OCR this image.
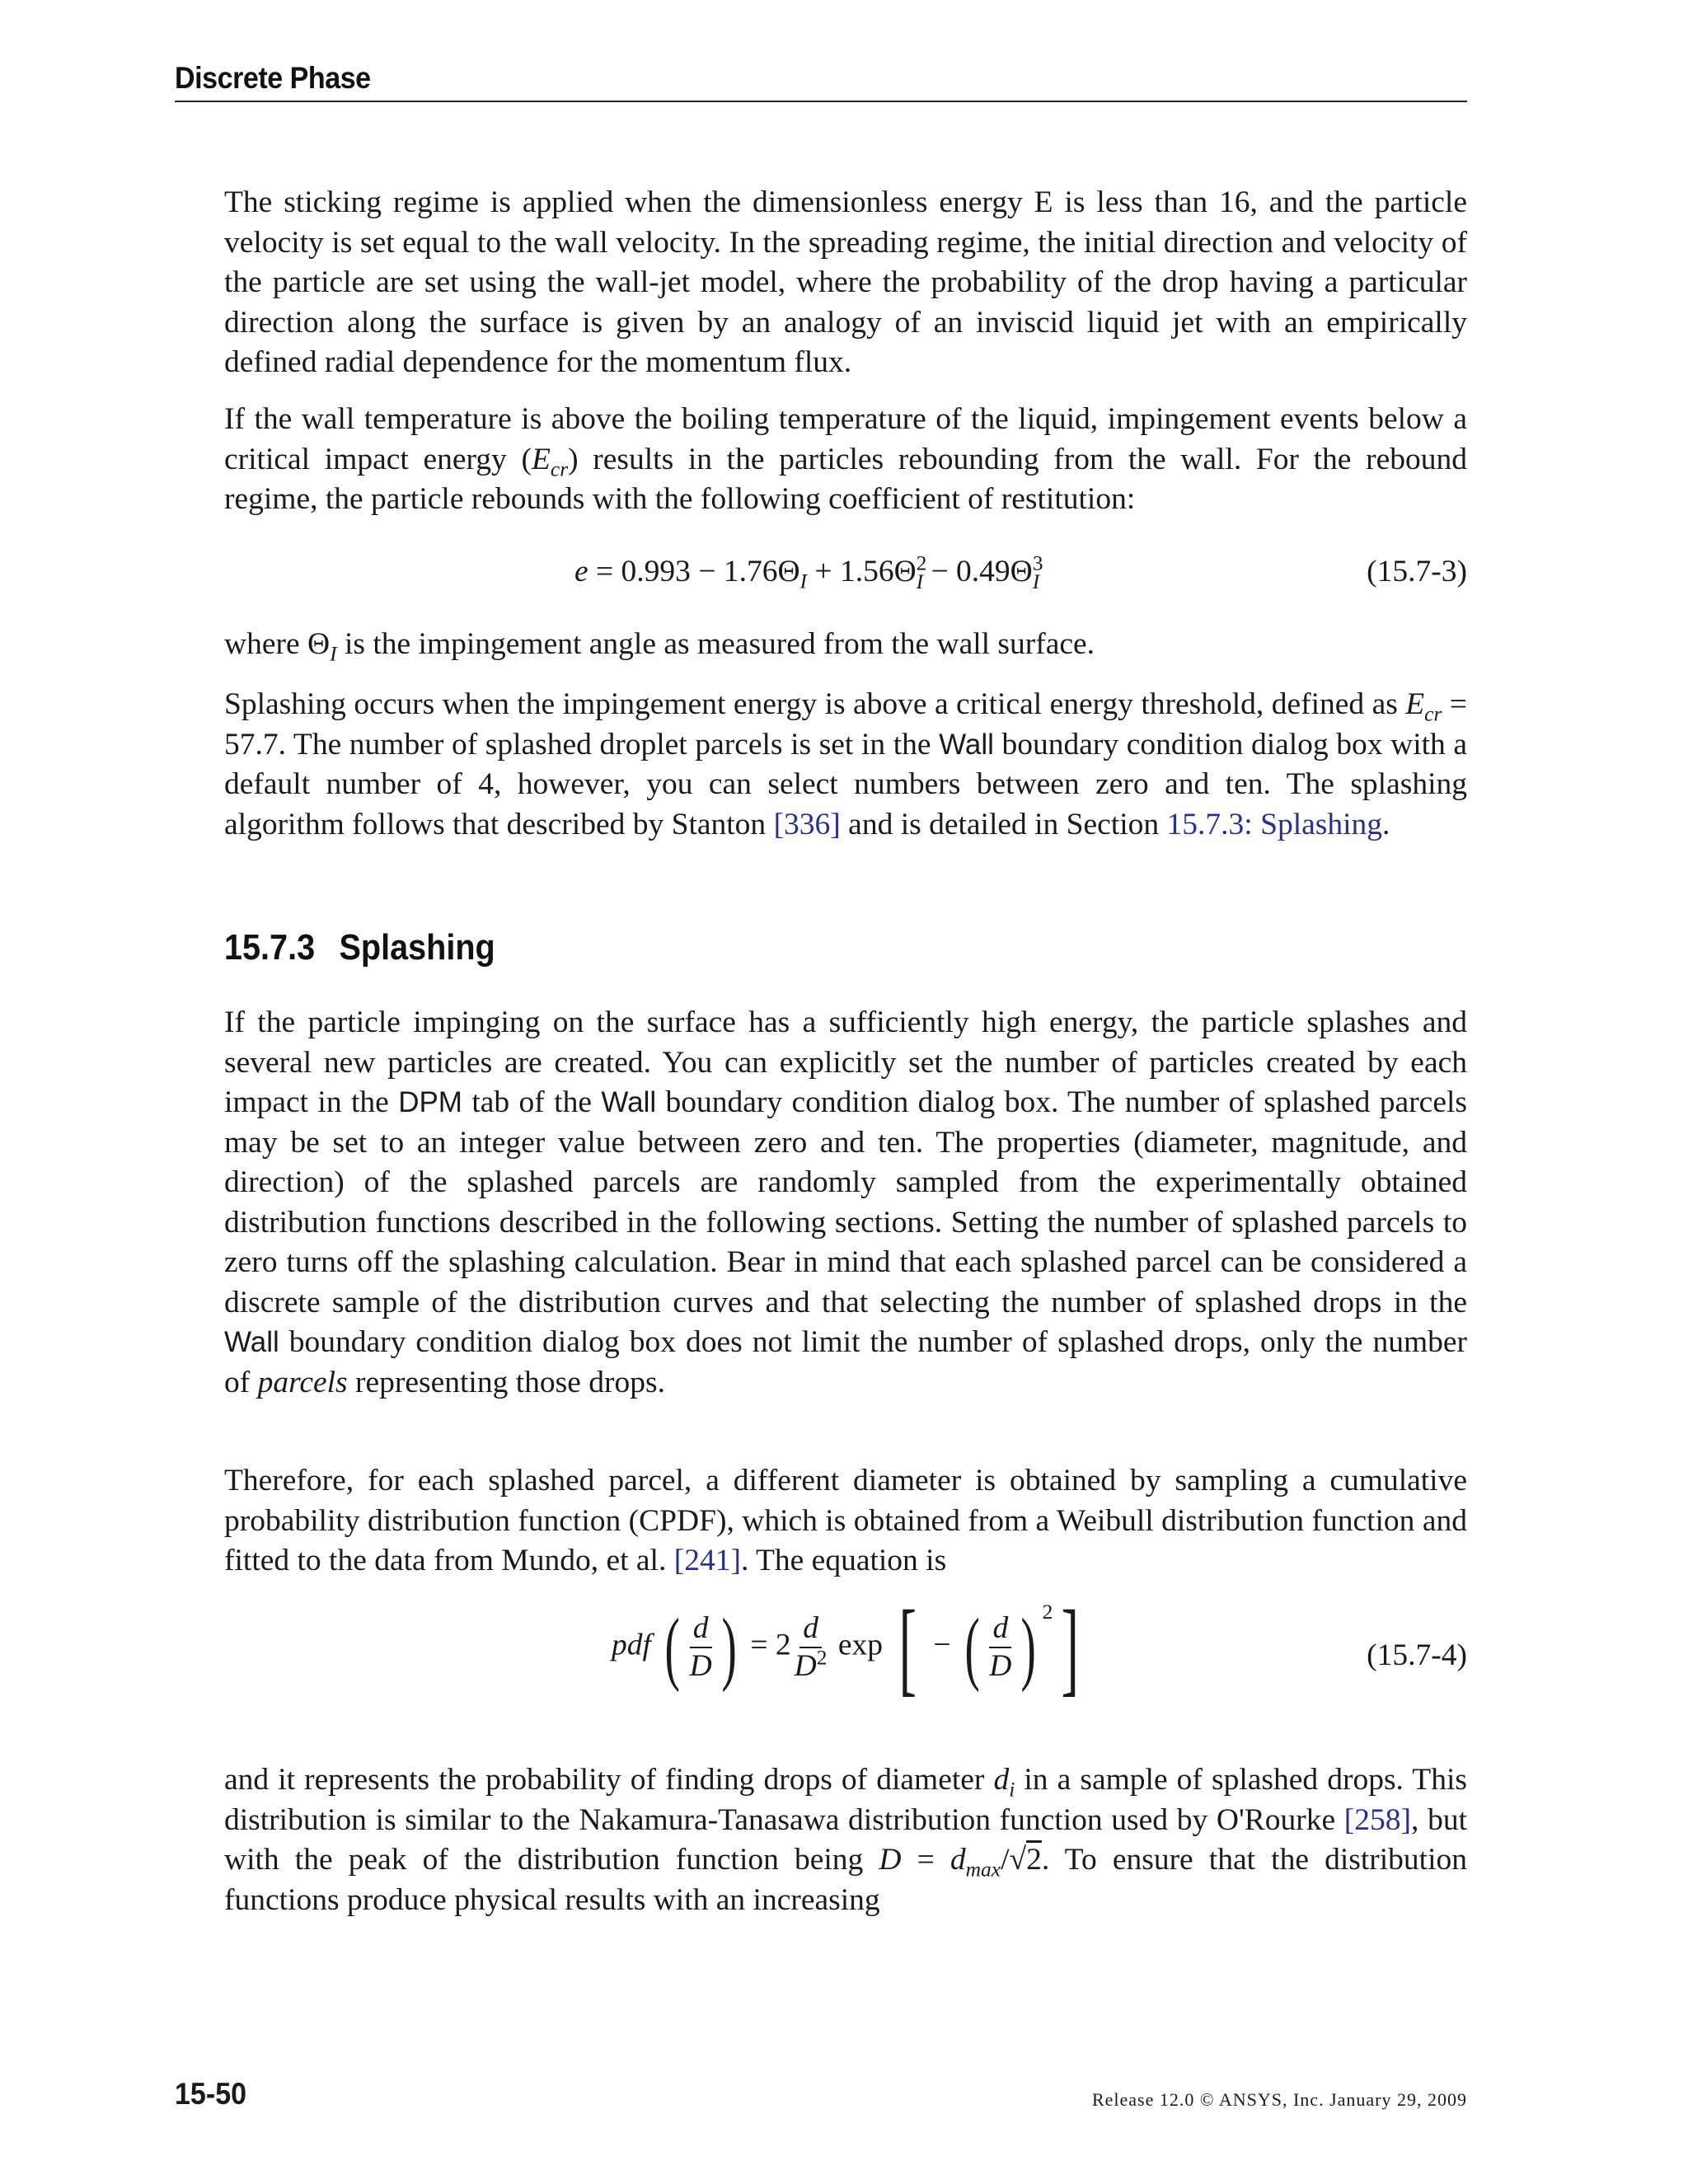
Discrete Phase

The sticking regime is applied when the dimensionless energy E is less than 16, and the particle velocity is set equal to the wall velocity. In the spreading regime, the initial direction and velocity of the particle are set using the wall-jet model, where the probability of the drop having a particular direction along the surface is given by an analogy of an inviscid liquid jet with an empirically defined radial dependence for the momentum flux.

If the wall temperature is above the boiling temperature of the liquid, impingement events below a critical impact energy $(E_{cr})$ results in the particles rebounding from the wall. For the rebound regime, the particle rebounds with the following coefficient of restitution:

$e = 0.993 - 1.76\Theta_I + 1.56\Theta^2_I - 0.49\Theta^3_I$	(15.7-3)

where $\Theta_I$ is the impingement angle as measured from the wall surface.

Splashing occurs when the impingement energy is above a critical energy threshold, defined as $E_{cr} = 57.7$. The number of splashed droplet parcels is set in the Wall boundary condition dialog box with a default number of 4, however, you can select numbers between zero and ten. The splashing algorithm follows that described by Stanton [336] and is detailed in Section 15.7.3: Splashing.

15.7.3 Splashing

If the particle impinging on the surface has a sufficiently high energy, the particle splashes and several new particles are created. You can explicitly set the number of particles created by each impact in the DPM tab of the Wall boundary condition dialog box. The number of splashed parcels may be set to an integer value between zero and ten. The properties (diameter, magnitude, and direction) of the splashed parcels are randomly sampled from the experimentally obtained distribution functions described in the following sections. Setting the number of splashed parcels to zero turns off the splashing calculation. Bear in mind that each splashed parcel can be considered a discrete sample of the distribution curves and that selecting the number of splashed drops in the Wall boundary condition dialog box does not limit the number of splashed drops, only the number of parcels representing those drops.

Therefore, for each splashed parcel, a different diameter is obtained by sampling a cumulative probability distribution function (CPDF), which is obtained from a Weibull distribution function and fitted to the data from Mundo, et al. [241]. The equation is

pdf ( $\frac{d}{D}$ ) = $2 \frac{d}{D^2}$ exp [ − ( $\frac{d}{D}$ ) $^2$]	(15.7-4)

and it represents the probability of finding drops of diameter $d_i$ in a sample of splashed drops. This distribution is similar to the Nakamura-Tanasawa distribution function used by O'Rourke [258], but with the peak of the distribution function being $D = d_{max}/√2$. To ensure that the distribution functions produce physical results with an increasing

15-50	Release 12.0 © ANSYS, Inc. January 29, 2009
